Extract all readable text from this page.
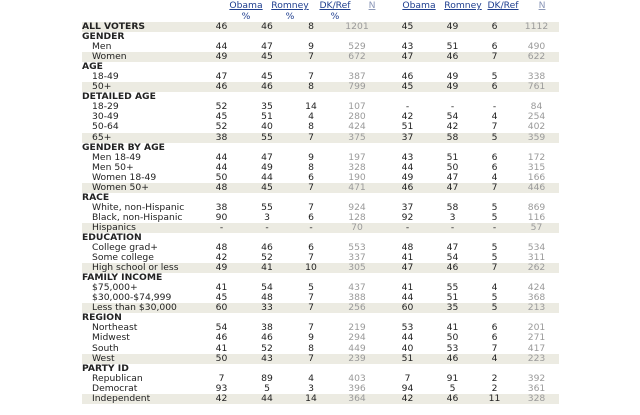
Obama Romney	DK/Ref	N	Obama Romney DK/Ref	N
%	%	%
ALL VOTERS	46	46	8	1201	45	49	6	1112
GENDER								
Men	44	47	9	529	43	51	6	490
Women	49	45	7	672	47	46	7	622
AGE								
18-49	47	45	7	387	46	49	5	338
50+	46	46	8	799	45	49	6	761
DETAILED AGE								
18-29	52	35	14	107	-	-	-	84
30-49	45	51	4	280	42	54	4	254
50-64	52	40	8	424	51	42	7	402
65+	38	55	7	375	37	58	5	359
GENDER BY AGE								
Men 18-49	44	47	9	197	43	51	6	172
Men 50+	44	49	8	328	44	50	6	315
Women 18-49	50	44	6	190	49	47	4	166
Women 50+	48	45	7	471	46	47	7	446
RACE								
White, non-Hispanic	38	55	7	924	37	58	5	869
Black, non-Hispanic	90	3	6	128	92	3	5	116
Hispanics	-	-	-	70	-	-	-	57
EDUCATION								
College grad+	48	46	6	553	48	47	5	534
Some college	42	52	7	337	41	54	5	311
High school or less	49	41	10	305	47	46	7	262
FAMILY INCOME								
$75,000+	41	54	5	437	41	55	4	424
$30,000-$74,999	45	48	7	388	44	51	5	368
Less than $30,000	60	33	7	256	60	35	5	213
REGION								
Northeast	54	38	7	219	53	41	6	201
Midwest	46	46	9	294	44	50	6	271
South	41	52	8	449	40	53	7	417
West	50	43	7	239	51	46	4	223
PARTY ID								
Republican	7	89	4	403	7	91	2	392
Democrat	93	5	3	396	94	5	2	361
Independent	42	44	14	364	42	46	11	328
